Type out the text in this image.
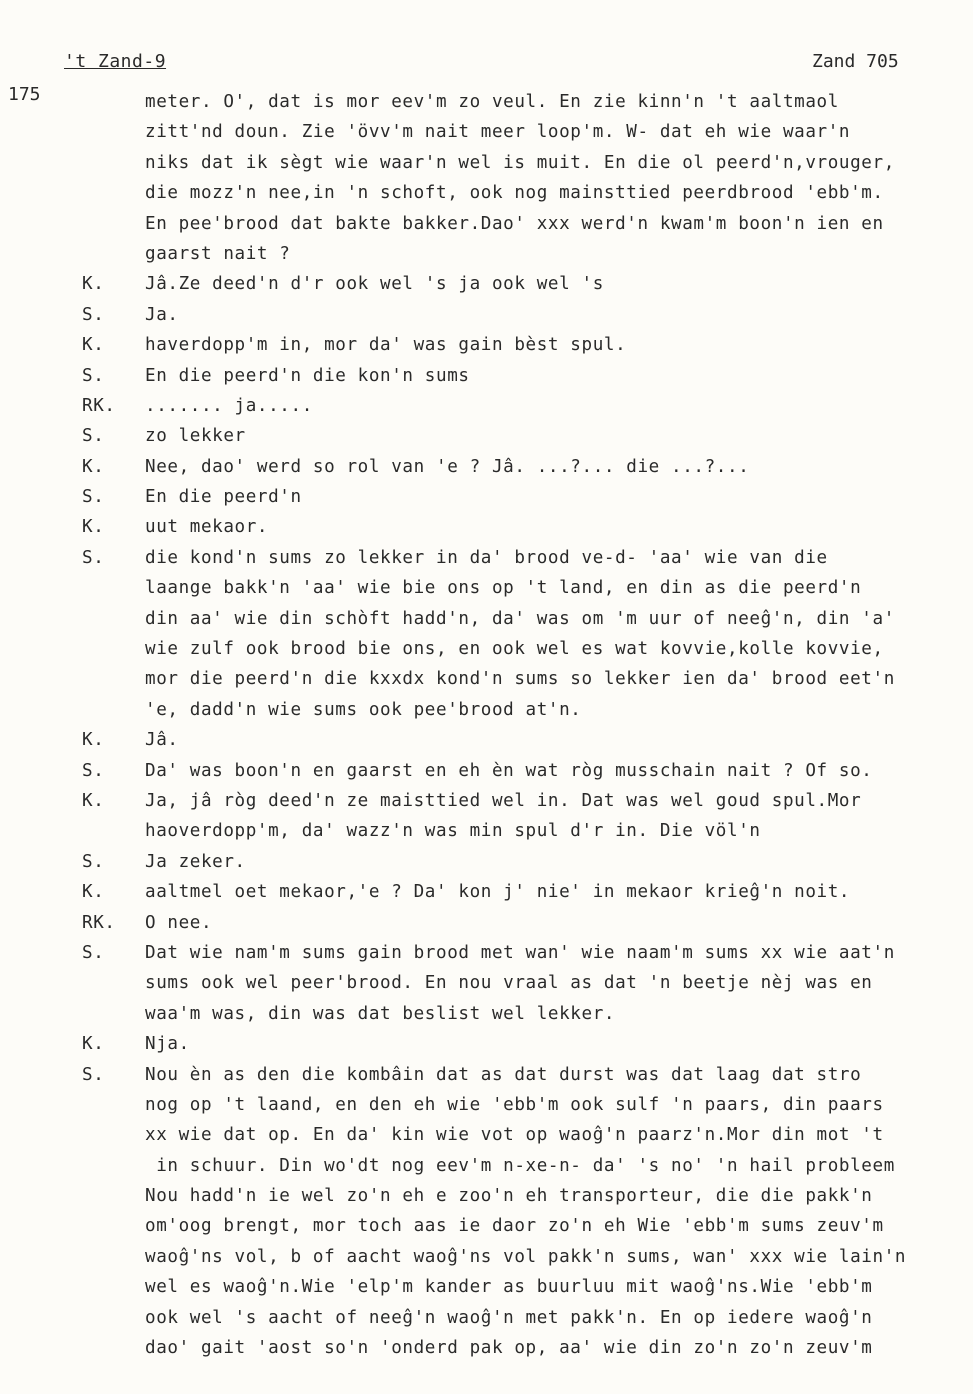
't Zand-9	Zand 705
175	meter. O', dat is mor eev'm zo veul. En zie kinn'n 't aaltmaol
zitt'nd doun. Zie 'övv'm nait meer loop'm. W- dat eh wie waar'n
niks dat ik sègt wie waar'n wel is muit. En die ol peerd'n,vrouger,
die mozz'n nee,in 'n schoft, ook nog mainsttied peerdbrood 'ebb'm.
En pee'brood dat bakte bakker.Dao' xxx werd'n kwam'm boon'n ien en
gaarst nait ?
K. Jâ.Ze deed'n d'r ook wel 's ja ook wel 's
S. Ja.
K. haverdopp'm in, mor da' was gain bèst spul.
S. En die peerd'n die kon'n sums
RK. ....... ja.....
S. zo lekker
K. Nee, dao' werd so rol van 'e ? Jâ. ...?... die ...?...
S. En die peerd'n
K. uut mekaor.
S. die kond'n sums zo lekker in da' brood ve-d- 'aa' wie van die
laange bakk'n 'aa' wie bie ons op 't land, en din as die peerd'n
din aa' wie din schòft hadd'n, da' was om 'm uur of neeĝ'n, din 'a'
wie zulf ook brood bie ons, en ook wel es wat kovvie,kolle kovvie,
mor die peerd'n die kxxdx kond'n sums so lekker ien da' brood eet'n
'e, dadd'n wie sums ook pee'brood at'n.
K. Jâ.
S. Da' was boon'n en gaarst en eh èn wat ròg musschain nait ? Of so.
K. Ja, jâ ròg deed'n ze maisttied wel in. Dat was wel goud spul.Mor
haoverdopp'm, da' wazz'n was min spul d'r in. Die völ'n
S. Ja zeker.
K. aaltmel oet mekaor,'e ? Da' kon j' nie' in mekaor krieĝ'n noit.
RK. O nee.
S. Dat wie nam'm sums gain brood met wan' wie naam'm sums xx wie aat'n
sums ook wel peer'brood. En nou vraal as dat 'n beetje nèj was en
waa'm was, din was dat beslist wel lekker.
K. Nja.
S. Nou èn as den die kombâin dat as dat durst was dat laag dat stro
nog op 't laand, en den eh wie 'ebb'm ook sulf 'n paars, din paars
xx wie dat op. En da' kin wie vot op waoĝ'n paarz'n.Mor din mot 't
in schuur. Din wo'dt nog eev'm n-xe-n- da' 's no' 'n hail probleem
Nou hadd'n ie wel zo'n eh e zoo'n eh transporteur, die die pakk'n
om'oog brengt, mor toch aas ie daor zo'n eh Wie 'ebb'm sums zeuv'm
waoĝ'ns vol, b of aacht waoĝ'ns vol pakk'n sums, wan' xxx wie lain'n
wel es waoĝ'n.Wie 'elp'm kander as buurluu mit waoĝ'ns.Wie 'ebb'm
ook wel 's aacht of neeĝ'n waoĝ'n met pakk'n. En op iedere waoĝ'n
dao' gait 'aost so'n 'onderd pak op, aa' wie din zo'n zo'n zeuv'm
